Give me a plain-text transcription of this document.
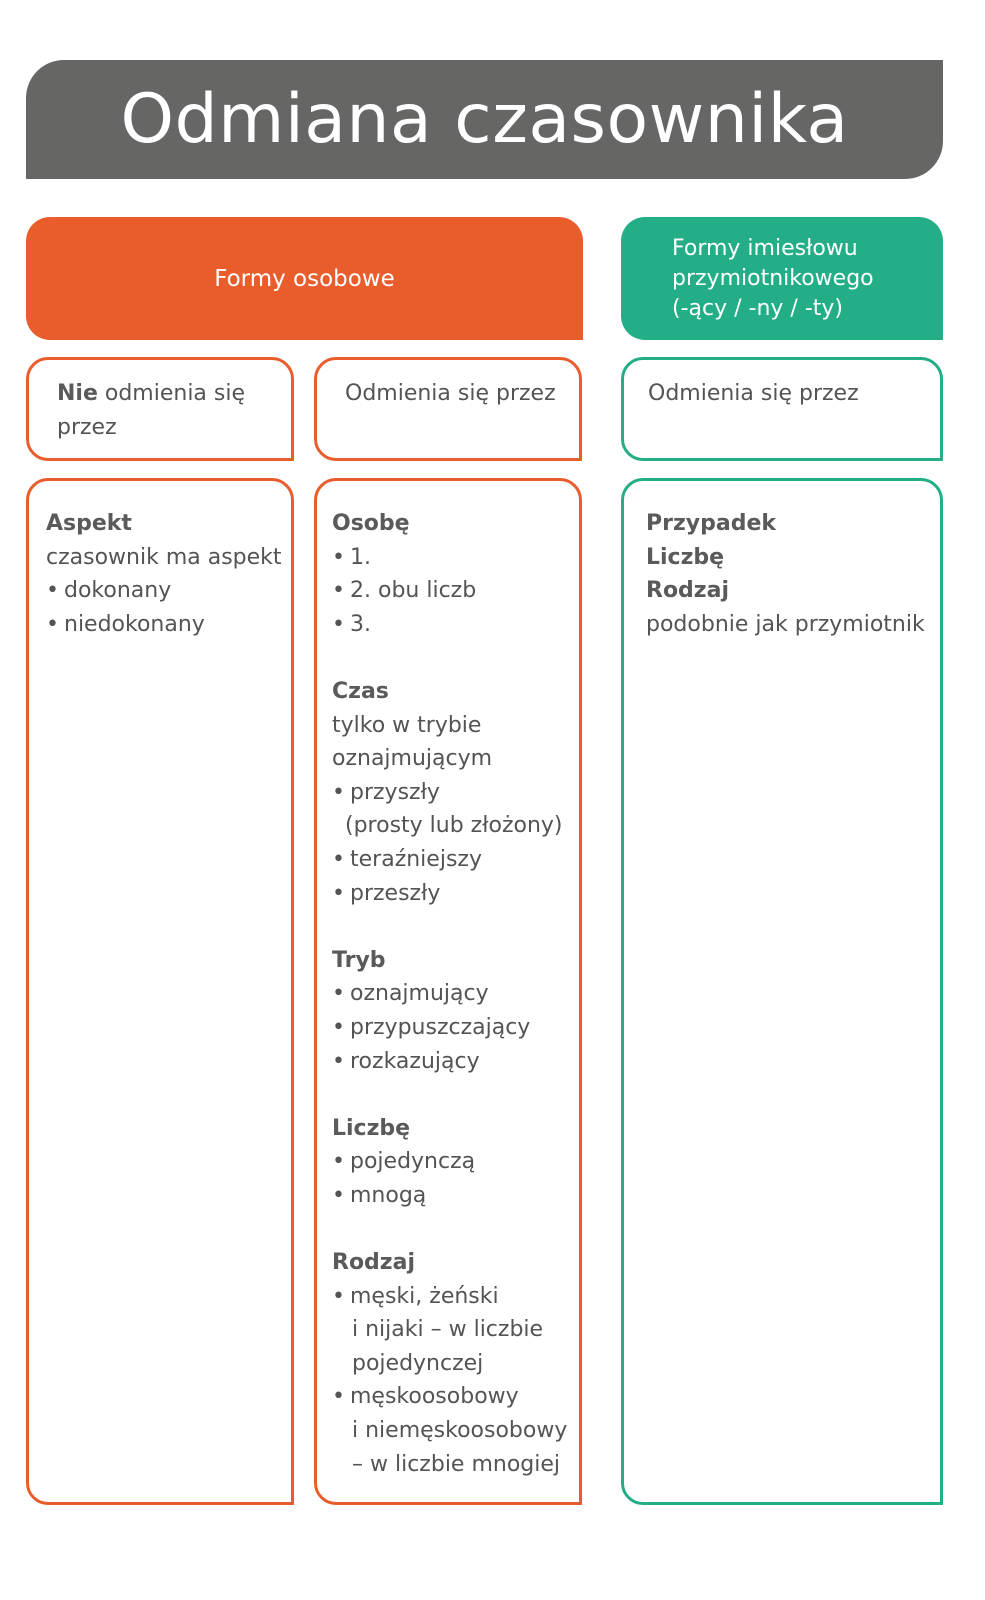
Odmiana czasownika
Formy osobowe
Formy imiesłowu
przymiotnikowego
(-ący / -ny / -ty)
Nie odmienia się
przez
Odmienia się przez	Odmienia się przez
Aspekt
czasownik ma aspekt
• dokonany
• niedokonany
Osobę
• 1.
• 2. obu liczb
• 3.
Czas
tylko w trybie
oznajmującym
• przyszły
(prosty lub złożony)
• teraźniejszy
• przeszły
Tryb
• oznajmujący
• przypuszczający
• rozkazujący
Liczbę
• pojedynczą
• mnogą
Rodzaj
• męski, żeński
i nijaki – w liczbie
pojedynczej
• męskoosobowy
i niemęskoosobowy
– w liczbie mnogiej
Przypadek
Liczbę
Rodzaj
podobnie jak przymiotnik
